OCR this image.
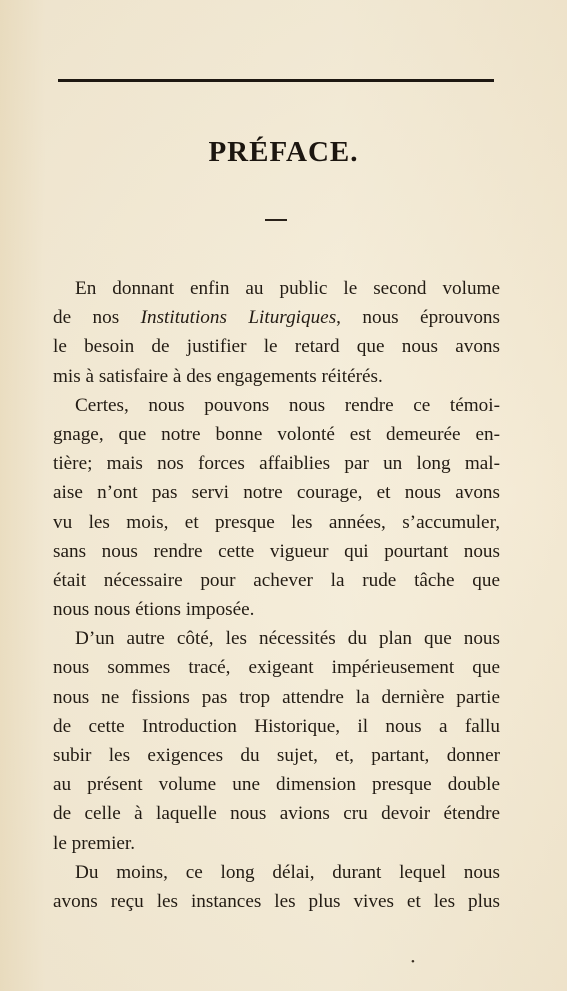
PRÉFACE.
En donnant enfin au public le second volume
de nos Institutions Liturgiques, nous éprouvons
le besoin de justifier le retard que nous avons
mis à satisfaire à des engagements réitérés.
Certes, nous pouvons nous rendre ce témoi-
gnage, que notre bonne volonté est demeurée en-
tière; mais nos forces affaiblies par un long mal-
aise n’ont pas servi notre courage, et nous avons
vu les mois, et presque les années, s’accumuler,
sans nous rendre cette vigueur qui pourtant nous
était nécessaire pour achever la rude tâche que
nous nous étions imposée.
D’un autre côté, les nécessités du plan que nous
nous sommes tracé, exigeant impérieusement que
nous ne fissions pas trop attendre la dernière partie
de cette Introduction Historique, il nous a fallu
subir les exigences du sujet, et, partant, donner
au présent volume une dimension presque double
de celle à laquelle nous avions cru devoir étendre
le premier.
Du moins, ce long délai, durant lequel nous
avons reçu les instances les plus vives et les plus
•
